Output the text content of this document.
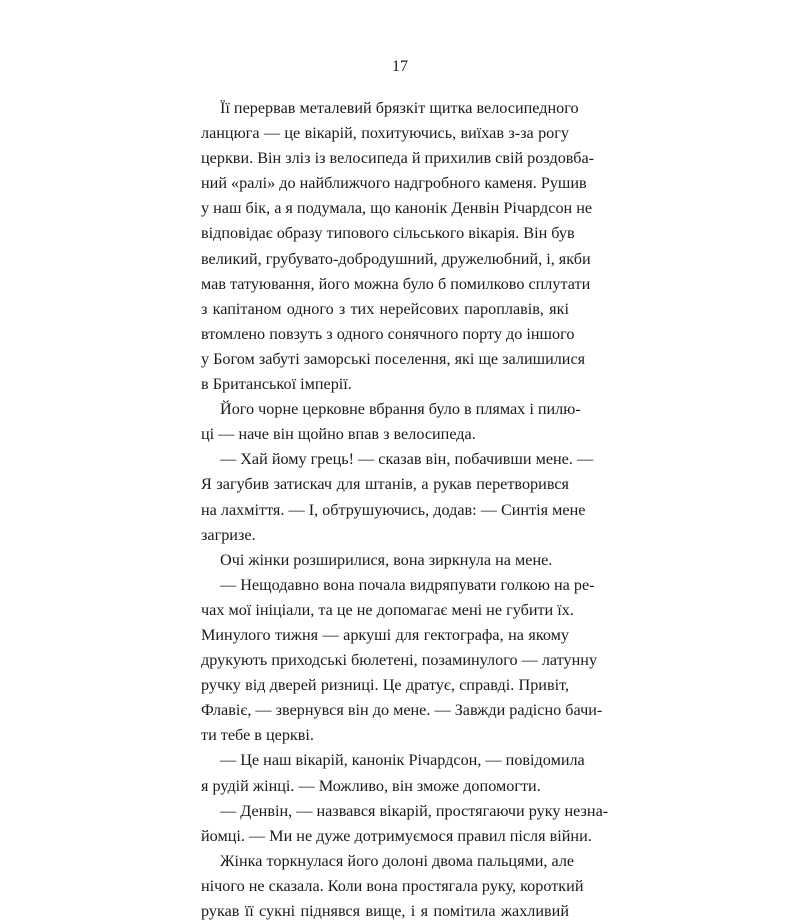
17
Її перервав металевий брязкіт щитка велосипедного
ланцюга — це вікарій, похитуючись, виїхав з-за рогу
церкви. Він зліз із велосипеда й прихилив свій роздовба-
ний «ралі» до найближчого надгробного каменя. Рушив
у наш бік, а я подумала, що канонік Денвін Річардсон не
відповідає образу типового сільського вікарія. Він був
великий, грубувато-добродушний, дружелюбний, і, якби
мав татуювання, його можна було б помилково сплутати
з капітаном одного з тих нерейсових пароплавів, які
втомлено повзуть з одного сонячного порту до іншого
у Богом забуті заморські поселення, які ще залишилися
в Британської імперії.
Його чорне церковне вбрання було в плямах і пилю-
ці — наче він щойно впав з велосипеда.
— Хай йому грець! — сказав він, побачивши мене. —
Я загубив затискач для штанів, а рукав перетворився
на лахміття. — І, обтрушуючись, додав: — Синтія мене
загризе.
Очі жінки розширилися, вона зиркнула на мене.
— Нещодавно вона почала видряпувати голкою на ре-
чах мої ініціали, та це не допомагає мені не губити їх.
Минулого тижня — аркуші для гектографа, на якому
друкують приходські бюлетені, позаминулого — латунну
ручку від дверей ризниці. Це дратує, справді. Привіт,
Флавіє, — звернувся він до мене. — Завжди радісно бачи-
ти тебе в церкві.
— Це наш вікарій, канонік Річардсон, — повідомила
я рудій жінці. — Можливо, він зможе допомогти.
— Денвін, — назвався вікарій, простягаючи руку незна-
йомці. — Ми не дуже дотримуємося правил після війни.
Жінка торкнулася його долоні двома пальцями, але
нічого не сказала. Коли вона простягала руку, короткий
рукав її сукні піднявся вище, і я помітила жахливий
